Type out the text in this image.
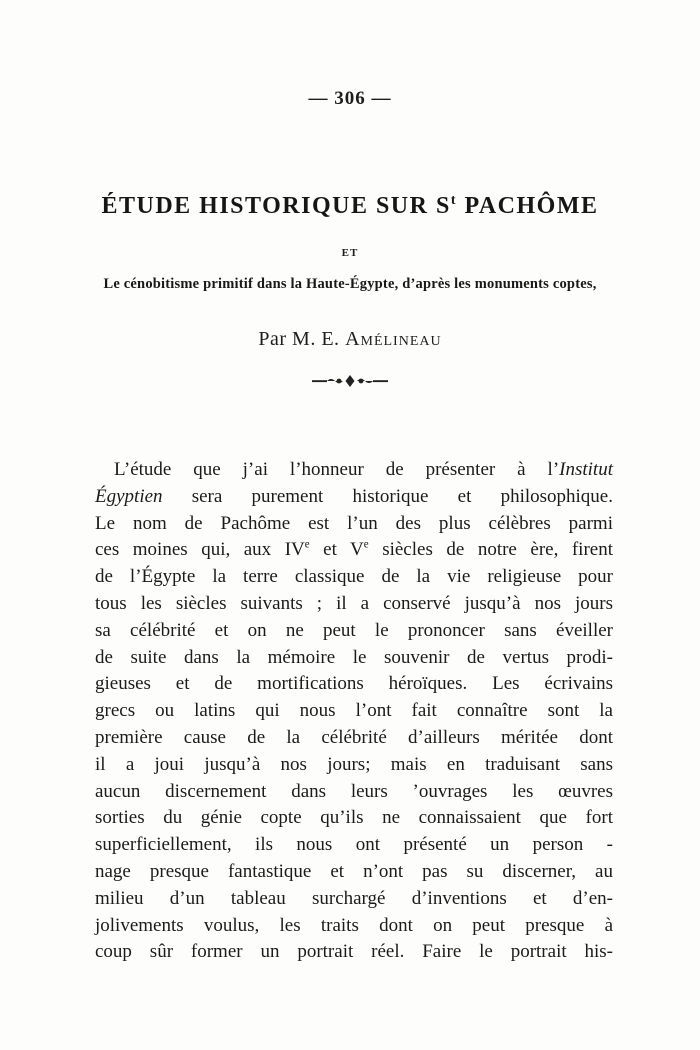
— 306 —
ÉTUDE HISTORIQUE SUR $S^t$ PACHÔME
ET
Le cénobitisme primitif dans la Haute-Égypte, d’après les monuments coptes,
Par M. E. Amélineau
L’étude que j’ai l’honneur de présenter à l’Institut
Égyptien sera purement historique et philosophique.
Le nom de Pachôme est l’un des plus célèbres parmi
ces moines qui, aux IVe et Ve siècles de notre ère, firent
de l’Égypte la terre classique de la vie religieuse pour
tous les siècles suivants ; il a conservé jusqu’à nos jours
sa célébrité et on ne peut le prononcer sans éveiller
de suite dans la mémoire le souvenir de vertus prodi-
gieuses et de mortifications héroïques. Les écrivains
grecs ou latins qui nous l’ont fait connaître sont la
première cause de la célébrité d’ailleurs méritée dont
il a joui jusqu’à nos jours; mais en traduisant sans
aucun discernement dans leurs ’ouvrages les œuvres
sorties du génie copte qu’ils ne connaissaient que fort
superficiellement, ils nous ont présenté un person -
nage presque fantastique et n’ont pas su discerner, au
milieu d’un tableau surchargé d’inventions et d’en-
jolivements voulus, les traits dont on peut presque à
coup sûr former un portrait réel. Faire le portrait his-
